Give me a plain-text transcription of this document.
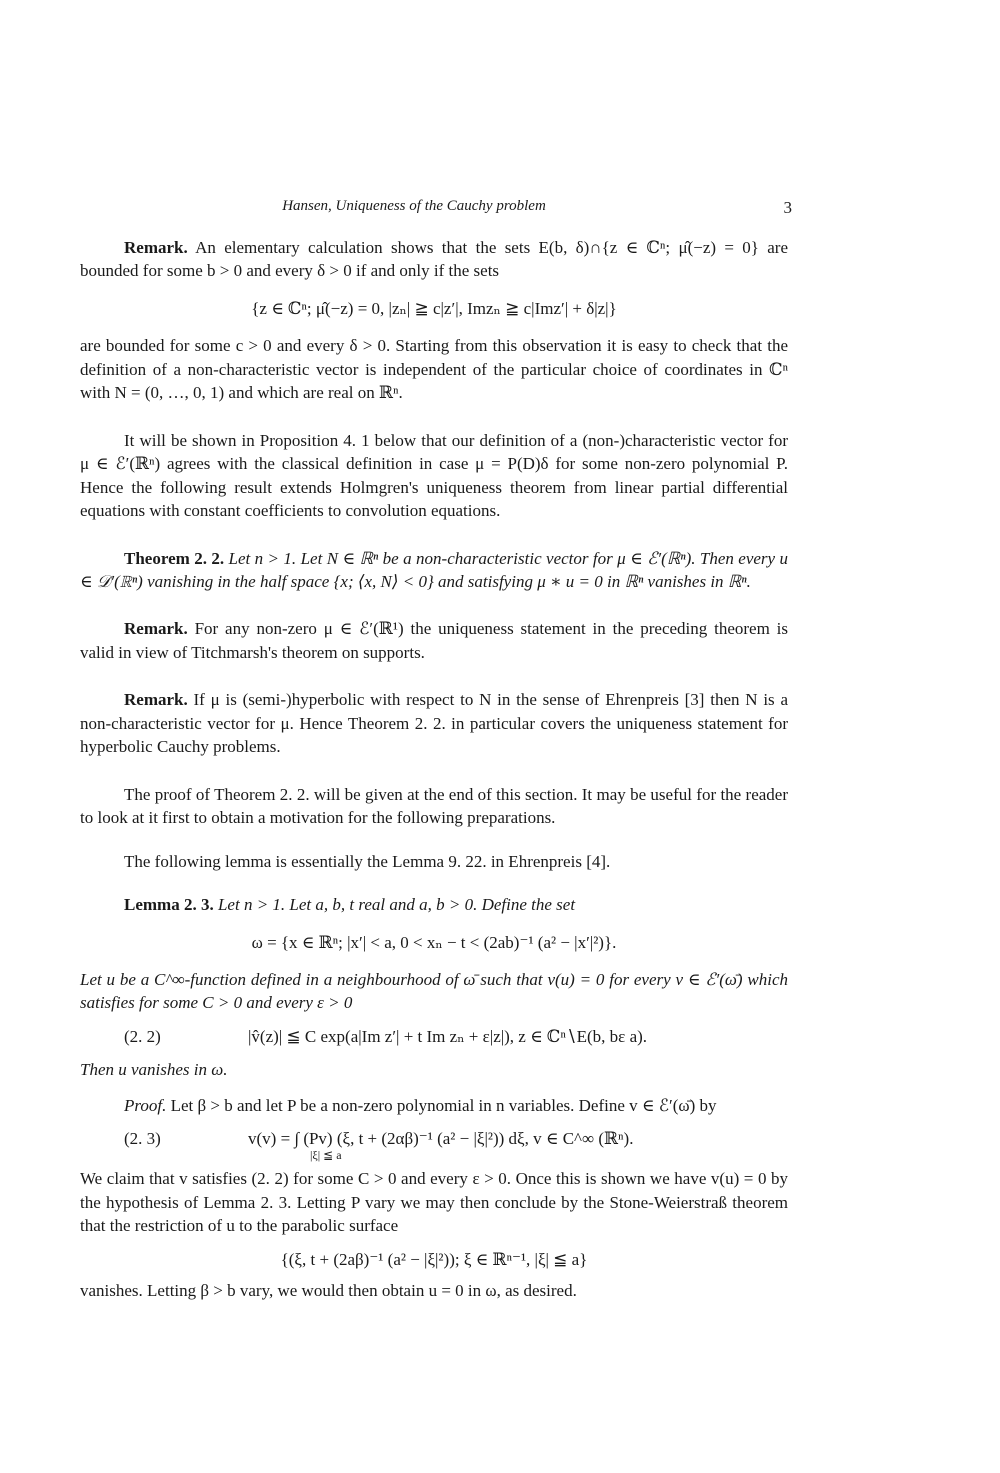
Hansen, Uniqueness of the Cauchy problem	3

Remark. An elementary calculation shows that the sets E(b, δ)∩{z ∈ ℂⁿ; μ̂(−z) = 0} are bounded for some b > 0 and every δ > 0 if and only if the sets

{z ∈ ℂⁿ; μ̂(−z) = 0, |zₙ| ≧ c|z′|, Imzₙ ≧ c|Imz′| + δ|z|}

are bounded for some c > 0 and every δ > 0. Starting from this observation it is easy to check that the definition of a non-characteristic vector is independent of the particular choice of coordinates in ℂⁿ with N = (0, …, 0, 1) and which are real on ℝⁿ.

It will be shown in Proposition 4. 1 below that our definition of a (non-)characteristic vector for μ ∈ ℰ′(ℝⁿ) agrees with the classical definition in case μ = P(D)δ for some non-zero polynomial P. Hence the following result extends Holmgren's uniqueness theorem from linear partial differential equations with constant coefficients to convolution equations.

Theorem 2. 2. Let n > 1. Let N ∈ ℝⁿ be a non-characteristic vector for μ ∈ ℰ′(ℝⁿ). Then every u ∈ 𝒟′(ℝⁿ) vanishing in the half space {x; ⟨x, N⟩ < 0} and satisfying μ ∗ u = 0 in ℝⁿ vanishes in ℝⁿ.

Remark. For any non-zero μ ∈ ℰ′(ℝ¹) the uniqueness statement in the preceding theorem is valid in view of Titchmarsh's theorem on supports.

Remark. If μ is (semi-)hyperbolic with respect to N in the sense of Ehrenpreis [3] then N is a non-characteristic vector for μ. Hence Theorem 2. 2. in particular covers the uniqueness statement for hyperbolic Cauchy problems.

The proof of Theorem 2. 2. will be given at the end of this section. It may be useful for the reader to look at it first to obtain a motivation for the following preparations.

The following lemma is essentially the Lemma 9. 22. in Ehrenpreis [4].

Lemma 2. 3. Let n > 1. Let a, b, t real and a, b > 0. Define the set

ω = {x ∈ ℝⁿ; |x′| < a, 0 < xₙ − t < (2ab)⁻¹ (a² − |x′|²)}.

Let u be a C^∞-function defined in a neighbourhood of ω̄ such that v(u) = 0 for every v ∈ ℰ′(ω̄) which satisfies for some C > 0 and every ε > 0

(2. 2)	|v̂(z)| ≦ C exp(a|Im z′| + t Im zₙ + ε|z|), z ∈ ℂⁿ∖E(b, bε a).

Then u vanishes in ω.

Proof. Let β > b and let P be a non-zero polynomial in n variables. Define v ∈ ℰ′(ω̄) by

(2. 3)	v(v) = ∫ (Pv) (ξ, t + (2αβ)⁻¹ (a² − |ξ|²)) dξ, v ∈ C^∞ (ℝⁿ).
|ξ| ≦ a

We claim that v satisfies (2. 2) for some C > 0 and every ε > 0. Once this is shown we have v(u) = 0 by the hypothesis of Lemma 2. 3. Letting P vary we may then conclude by the Stone-Weierstraß theorem that the restriction of u to the parabolic surface

{(ξ, t + (2aβ)⁻¹ (a² − |ξ|²)); ξ ∈ ℝⁿ⁻¹, |ξ| ≦ a}

vanishes. Letting β > b vary, we would then obtain u = 0 in ω, as desired.
